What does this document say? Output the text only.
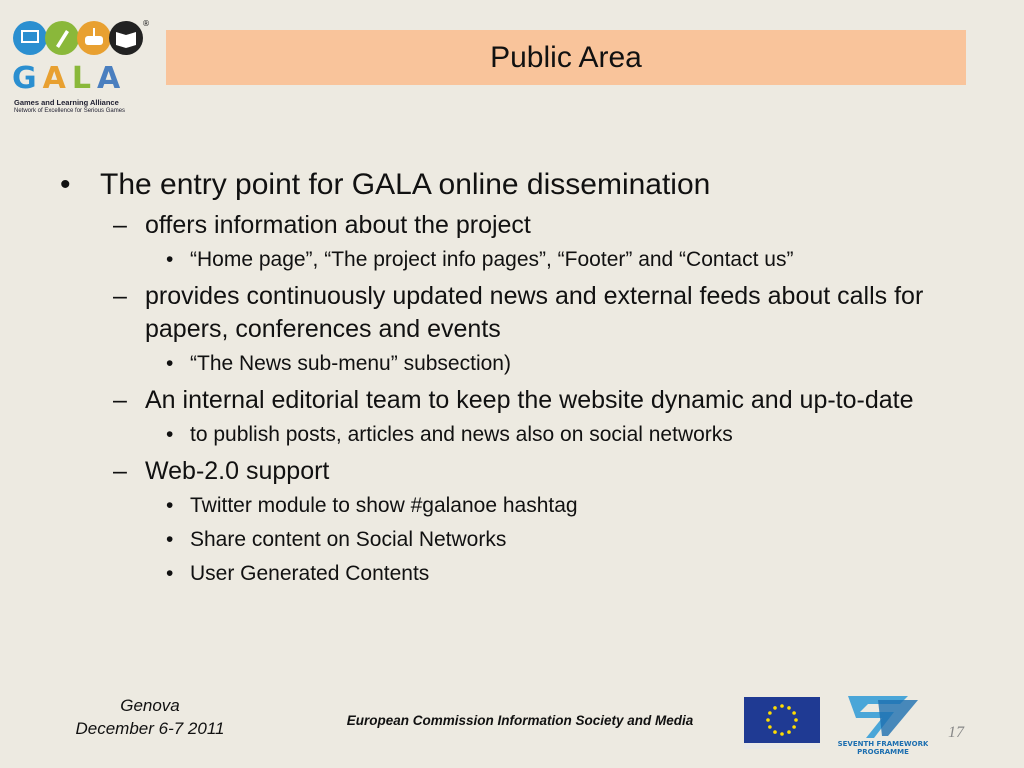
®
GALA
Games and Learning Alliance
Network of Excellence for Serious Games
Public Area
• The entry point for GALA online dissemination
– offers information about the project
• “Home page”, “The project info pages”, “Footer” and “Contact us”
– provides continuously updated news and external feeds about calls for papers, conferences and events
• “The News sub-menu” subsection)
– An internal editorial team to keep the website dynamic and up-to-date
• to publish posts, articles and news also on social networks
– Web-2.0 support
• Twitter module to show #galanoe hashtag
• Share content on Social Networks
• User Generated Contents
Genova
December 6-7 2011	European Commission Information Society and Media
SEVENTH FRAMEWORK
PROGRAMME
17
